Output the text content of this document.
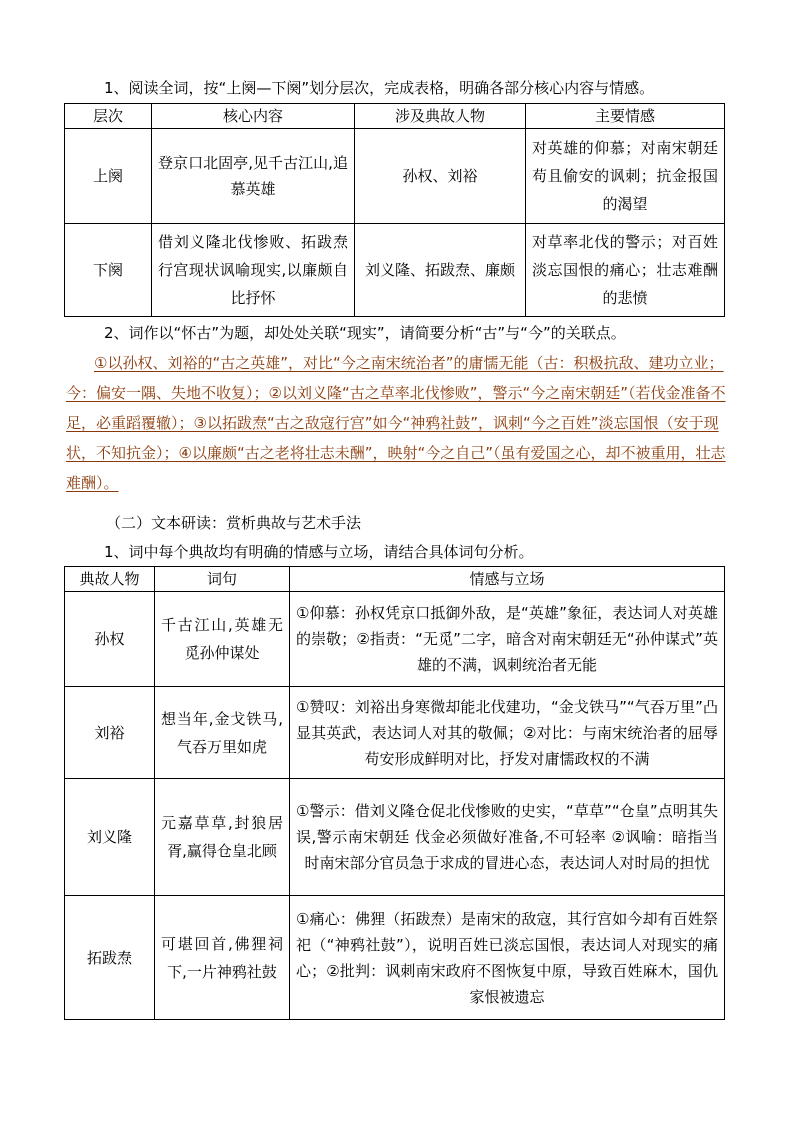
1、阅读全词，按“上阕—下阕”划分层次，完成表格，明确各部分核心内容与情感。
层次	核心内容	涉及典故人物	主要情感
上阕	登京口北固亭,见千古江山,追慕英雄	孙权、刘裕	对英雄的仰慕；对南宋朝廷苟且偷安的讽刺；抗金报国的渴望
下阕	借刘义隆北伐惨败、拓跋焘行宫现状讽喻现实,以廉颇自比抒怀	刘义隆、拓跋焘、廉颇	对草率北伐的警示；对百姓淡忘国恨的痛心；壮志难酬的悲愤
2、词作以“怀古”为题，却处处关联“现实”，请简要分析“古”与“今”的关联点。

①以孙权、刘裕的“古之英雄”，对比“今之南宋统治者”的庸懦无能（古：积极抗敌、建功立业；今：偏安一隅、失地不收复）；②以刘义隆“古之草率北伐惨败”，警示“今之南宋朝廷”（若伐金准备不足，必重蹈覆辙）；③以拓跋焘“古之敌寇行宫”如今“神鸦社鼓”，讽刺“今之百姓”淡忘国恨（安于现状，不知抗金）；④以廉颇“古之老将壮志未酬”，映射“今之自己”（虽有爱国之心，却不被重用，壮志难酬）。

（二）文本研读：赏析典故与艺术手法
1、词中每个典故均有明确的情感与立场，请结合具体词句分析。
典故人物	词句	情感与立场
孙权	千古江山,英雄无觅孙仲谋处	①仰慕：孙权凭京口抵御外敌，是“英雄”象征，表达词人对英雄的崇敬；②指责：“无觅”二字，暗含对南宋朝廷无“孙仲谋式”英雄的不满，讽刺统治者无能
刘裕	想当年,金戈铁马,气吞万里如虎	①赞叹：刘裕出身寒微却能北伐建功，“金戈铁马”“气吞万里”凸显其英武，表达词人对其的敬佩；②对比：与南宋统治者的屈辱苟安形成鲜明对比，抒发对庸懦政权的不满
刘义隆	元嘉草草,封狼居胥,赢得仓皇北顾	①警示：借刘义隆仓促北伐惨败的史实，“草草”“仓皇”点明其失误,警示南宋朝廷 伐金必须做好准备,不可轻率 ②讽喻：暗指当时南宋部分官员急于求成的冒进心态，表达词人对时局的担忧
拓跋焘	可堪回首,佛狸祠下,一片神鸦社鼓	①痛心：佛狸（拓跋焘）是南宋的敌寇，其行宫如今却有百姓祭祀（“神鸦社鼓”），说明百姓已淡忘国恨，表达词人对现实的痛心；②批判：讽刺南宋政府不图恢复中原，导致百姓麻木，国仇家恨被遗忘
